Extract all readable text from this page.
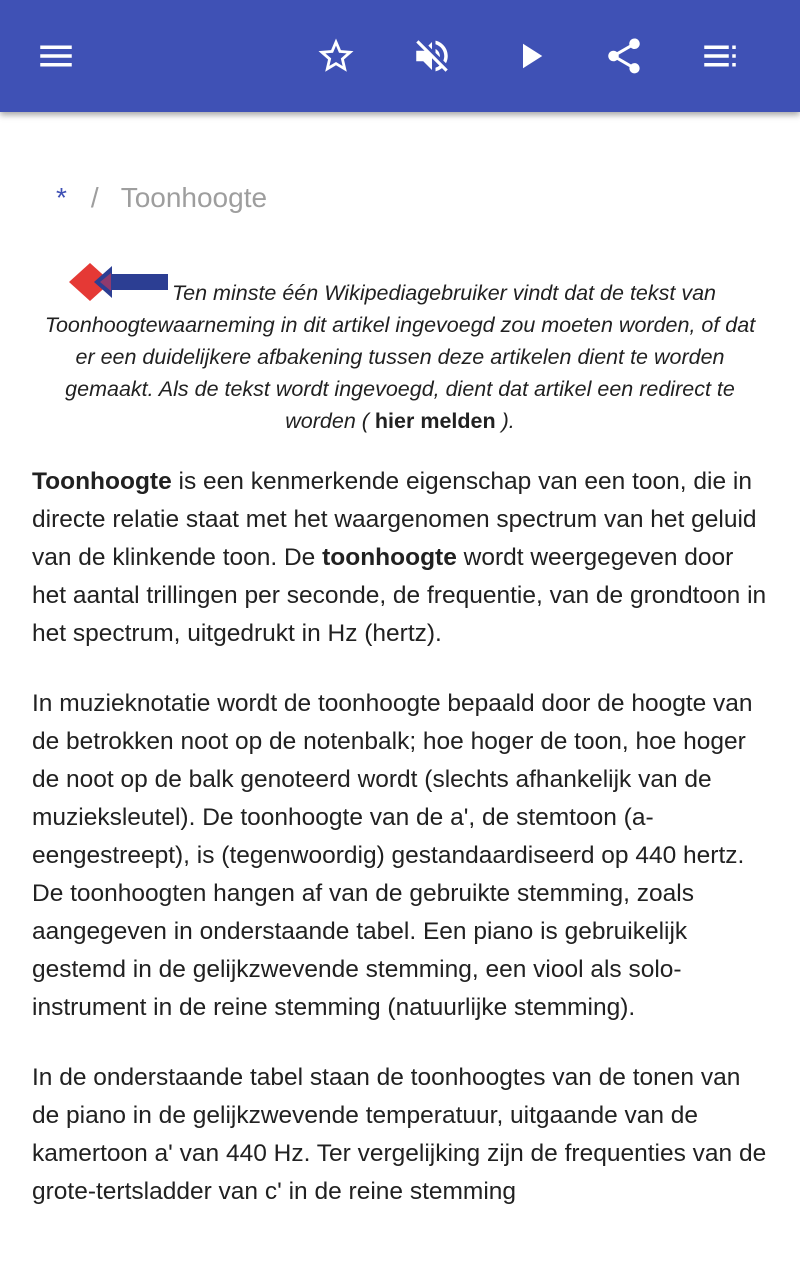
* / Toonhoogte
Ten minste één Wikipediagebruiker vindt dat de tekst van Toonhoogtewaarneming in dit artikel ingevoegd zou moeten worden, of dat er een duidelijkere afbakening tussen deze artikelen dient te worden gemaakt. Als de tekst wordt ingevoegd, dient dat artikel een redirect te worden ( hier melden ).

Toonhoogte is een kenmerkende eigenschap van een toon, die in directe relatie staat met het waargenomen spectrum van het geluid van de klinkende toon. De toonhoogte wordt weergegeven door het aantal trillingen per seconde, de frequentie, van de grondtoon in het spectrum, uitgedrukt in Hz (hertz).

In muzieknotatie wordt de toonhoogte bepaald door de hoogte van de betrokken noot op de notenbalk; hoe hoger de toon, hoe hoger de noot op de balk genoteerd wordt (slechts afhankelijk van de muzieksleutel). De toonhoogte van de a', de stemtoon (a-eengestreept), is (tegenwoordig) gestandaardiseerd op 440 hertz. De toonhoogten hangen af van de gebruikte stemming, zoals aangegeven in onderstaande tabel. Een piano is gebruikelijk gestemd in de gelijkzwevende stemming, een viool als solo-instrument in de reine stemming (natuurlijke stemming).

In de onderstaande tabel staan de toonhoogtes van de tonen van de piano in de gelijkzwevende temperatuur, uitgaande van de kamertoon a' van 440 Hz. Ter vergelijking zijn de frequenties van de grote-tertsladder van c' in de reine stemming
